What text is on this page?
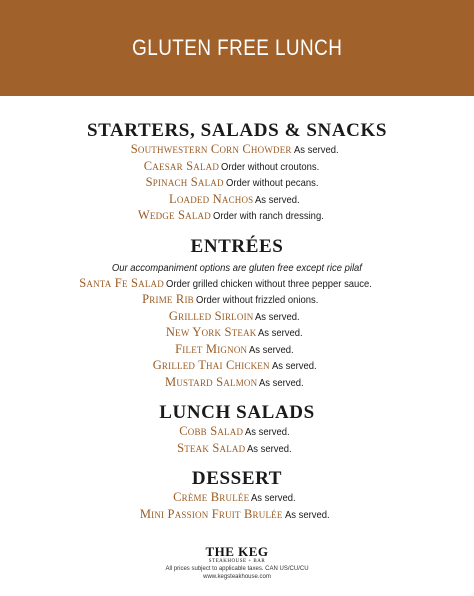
GLUTEN FREE LUNCH
STARTERS, SALADS & SNACKS
Southwestern Corn Chowder As served.
Caesar Salad Order without croutons.
Spinach Salad Order without pecans.
Loaded Nachos As served.
Wedge Salad Order with ranch dressing.
ENTRÉES
Our accompaniment options are gluten free except rice pilaf
Santa Fe Salad Order grilled chicken without three pepper sauce.
Prime Rib Order without frizzled onions.
Grilled Sirloin As served.
New York Steak As served.
Filet Mignon As served.
Grilled Thai Chicken As served.
Mustard Salmon As served.
LUNCH SALADS
Cobb Salad As served.
Steak Salad As served.
DESSERT
Crème Brulée As served.
Mini Passion Fruit Brulée As served.
THE KEG
STEAKHOUSE + BAR
All prices subject to applicable taxes. CAN US/CU/CU
www.kegsteakhouse.com
